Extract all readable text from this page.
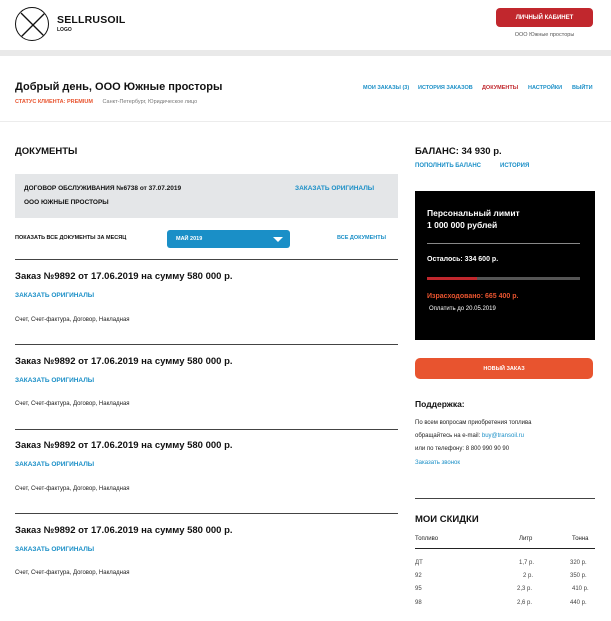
SELLRUSOIL
LOGO
ЛИЧНЫЙ КАБИНЕТ
ООО Южные просторы
Добрый день, ООО Южные просторы
СТАТУС КЛИЕНТА: PREMIUM Санкт-Петербург, Юридическое лицо
МОИ ЗАКАЗЫ (3) ИСТОРИЯ ЗАКАЗОВ ДОКУМЕНТЫ НАСТРОЙКИ ВЫЙТИ
ДОКУМЕНТЫ
ДОГОВОР ОБСЛУЖИВАНИЯ №6738 от 37.07.2019
ООО ЮЖНЫЕ ПРОСТОРЫ
ЗАКАЗАТЬ ОРИГИНАЛЫ
ПОКАЗАТЬ ВСЕ ДОКУМЕНТЫ ЗА МЕСЯЦ	МАЙ 2019	ВСЕ ДОКУМЕНТЫ
Заказ №9892 от 17.06.2019 на сумму 580 000 р.
ЗАКАЗАТЬ ОРИГИНАЛЫ
Счет, Счет-фактура, Договор, Накладная
Заказ №9892 от 17.06.2019 на сумму 580 000 р.
ЗАКАЗАТЬ ОРИГИНАЛЫ
Счет, Счет-фактура, Договор, Накладная
Заказ №9892 от 17.06.2019 на сумму 580 000 р.
ЗАКАЗАТЬ ОРИГИНАЛЫ
Счет, Счет-фактура, Договор, Накладная
Заказ №9892 от 17.06.2019 на сумму 580 000 р.
ЗАКАЗАТЬ ОРИГИНАЛЫ
Счет, Счет-фактура, Договор, Накладная
БАЛАНС: 34 930 р.
ПОПОЛНИТЬ БАЛАНС	ИСТОРИЯ
Персональный лимит
1 000 000 рублей
Осталось: 334 600 р.
Израсходовано: 665 400 р.
Оплатить до 20.05.2019
НОВЫЙ ЗАКАЗ
Поддержка:
По всем вопросам приобретения топлива
обращайтесь на e-mail: buy@transoil.ru
или по телефону: 8 800 990 90 90
Заказать звонок
МОИ СКИДКИ
Топливо	Литр	Тонна
ДТ	1,7 р.	320 р.
92	2 р.	350 р.
95	2,3 р.	410 р.
98	2,6 р.	440 р.
